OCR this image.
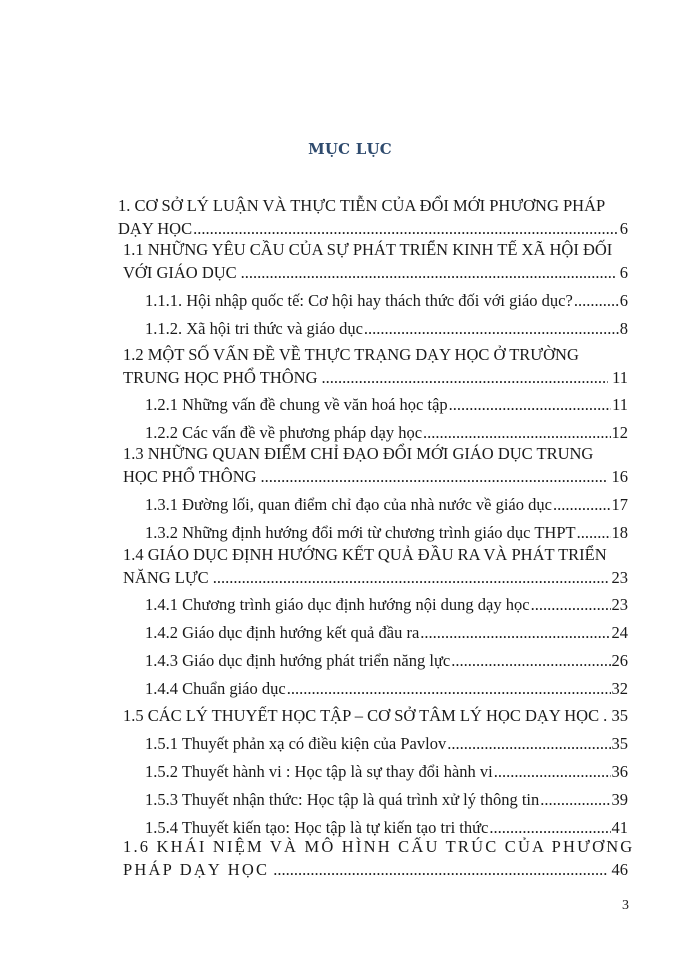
MỤC LỤC
1. CƠ SỞ LÝ LUẬN VÀ THỰC TIỄN CỦA ĐỔI MỚI PHƯƠNG PHÁP
DẠY HỌC .....	6
1.1 NHỮNG YÊU CẦU CỦA SỰ PHÁT TRIỂN KINH TẾ XÃ HỘI ĐỐI
VỚI GIÁO DỤC .....	6
1.1.1. Hội nhập quốc tế: Cơ hội hay thách thức đối với giáo dục? .....	6
1.1.2. Xã hội tri thức và giáo dục .....	8
1.2 MỘT SỐ VẤN ĐỀ VỀ THỰC TRẠNG DẠY HỌC Ở TRƯỜNG
TRUNG HỌC PHỔ THÔNG .....	11
1.2.1 Những vấn đề chung về văn hoá học tập .....	11
1.2.2 Các vấn đề về phương pháp dạy học .....	12
1.3 NHỮNG QUAN ĐIỂM CHỈ ĐẠO ĐỔI MỚI GIÁO DỤC TRUNG
HỌC PHỔ THÔNG .....	16
1.3.1 Đường lối, quan điểm chỉ đạo của nhà nước về giáo dục .....	17
1.3.2 Những định hướng đổi mới từ chương trình giáo dục THPT ..... 18
1.4 GIÁO DỤC ĐỊNH HƯỚNG KẾT QUẢ ĐẦU RA VÀ PHÁT TRIỂN
NĂNG LỰC .....	23
1.4.1 Chương trình giáo dục định hướng nội dung dạy học .....	23
1.4.2 Giáo dục định hướng kết quả đầu ra .....	24
1.4.3 Giáo dục định hướng phát triển năng lực .....	26
1.4.4 Chuẩn giáo dục .....	32
1.5 CÁC LÝ THUYẾT HỌC TẬP – CƠ SỞ TÂM LÝ HỌC DẠY HỌC ..... 35
1.5.1 Thuyết phản xạ có điều kiện của Pavlov .....	35
1.5.2 Thuyết hành vi : Học tập là sự thay đổi hành vi .....	36
1.5.3 Thuyết nhận thức: Học tập là quá trình xử lý thông tin .....	39
1.5.4 Thuyết kiến tạo: Học tập là tự kiến tạo tri thức .....	41
1.6 KHÁI NIỆM VÀ MÔ HÌNH CẤU TRÚC CỦA PHƯƠNG
PHÁP DẠY HỌC .....	46
3
